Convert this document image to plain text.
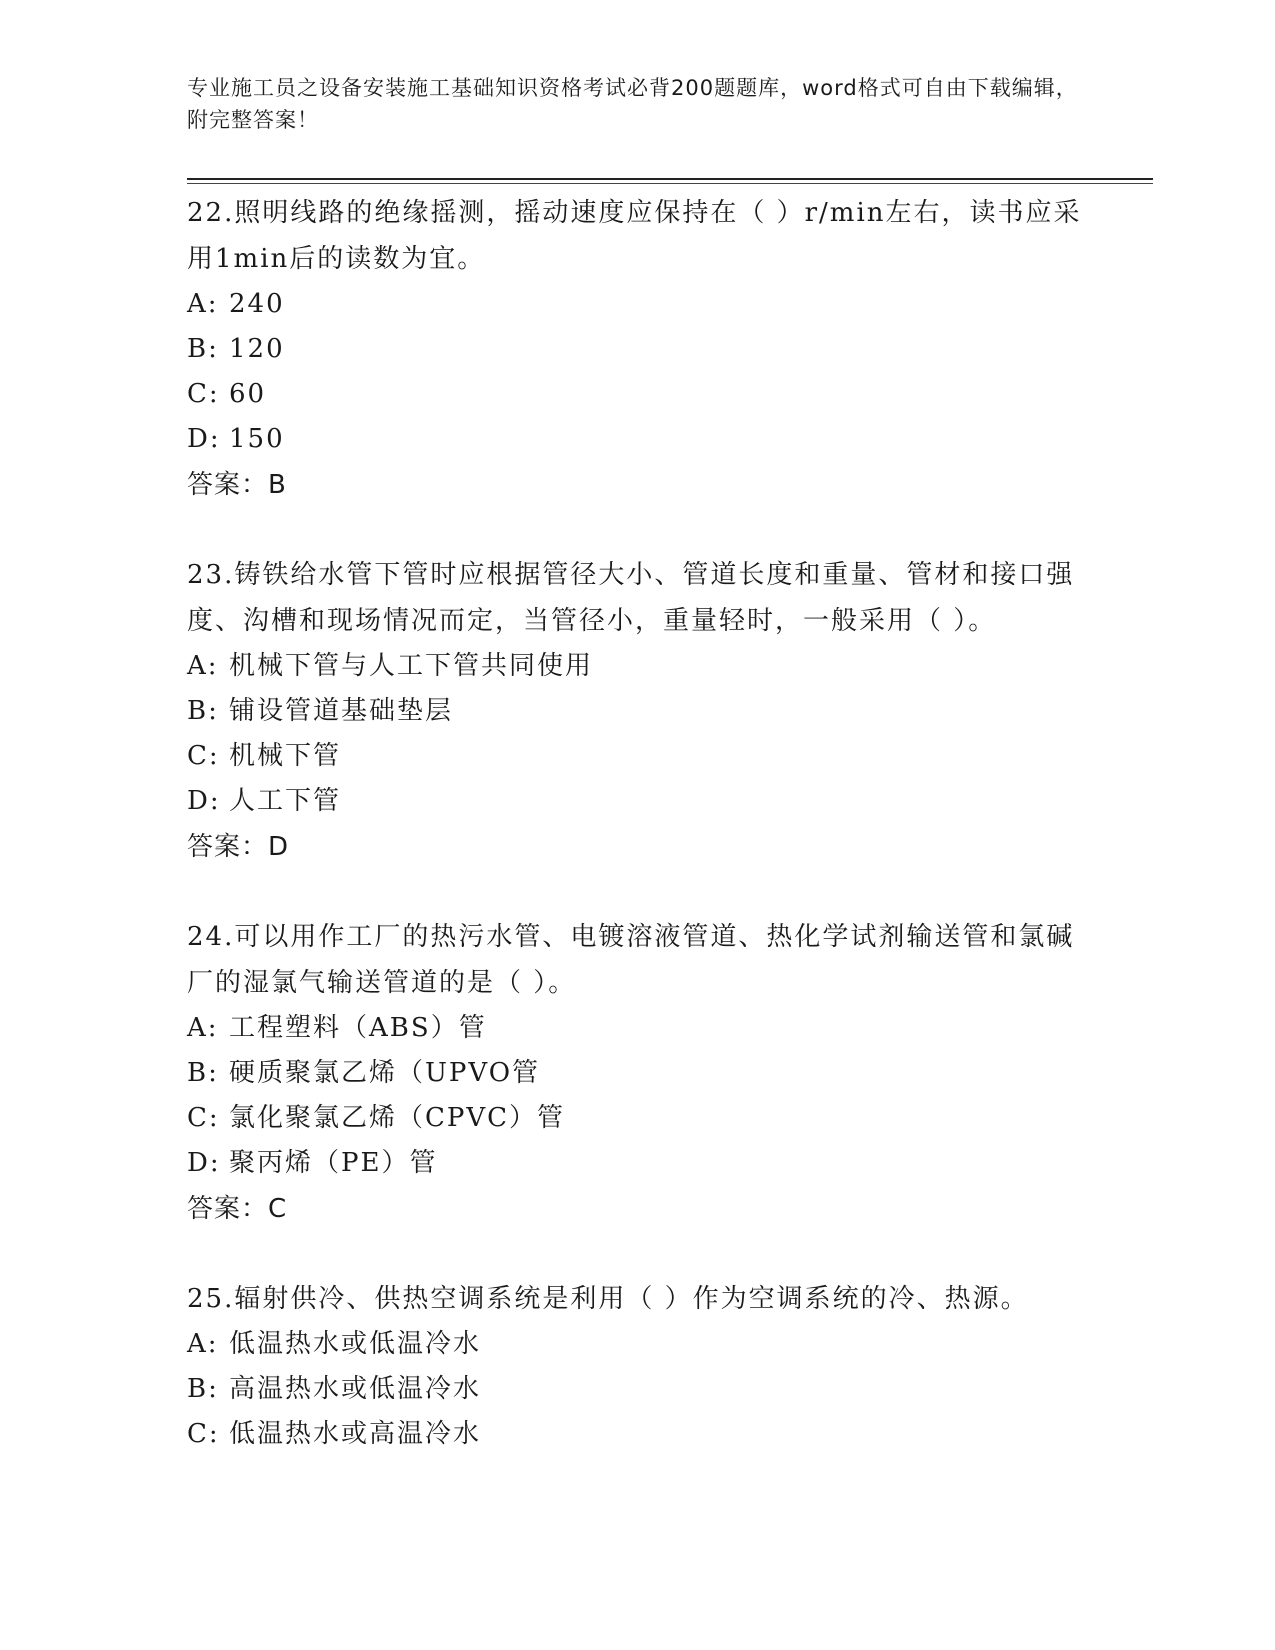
专业施工员之设备安装施工基础知识资格考试必背200题题库，word格式可自由下载编辑，附完整答案！

22.照明线路的绝缘摇测，摇动速度应保持在（ ）r/min左右，读书应采用1min后的读数为宜。

A: 240
B: 120
C: 60
D: 150
答案：B

23.铸铁给水管下管时应根据管径大小、管道长度和重量、管材和接口强度、沟槽和现场情况而定，当管径小，重量轻时，一般采用（ ）。

A: 机械下管与人工下管共同使用
B: 铺设管道基础垫层
C: 机械下管
D: 人工下管
答案：D

24.可以用作工厂的热污水管、电镀溶液管道、热化学试剂输送管和氯碱厂的湿氯气输送管道的是（ ）。

A: 工程塑料（ABS）管
B: 硬质聚氯乙烯（UPVO管
C: 氯化聚氯乙烯（CPVC）管
D: 聚丙烯（PE）管
答案：C

25.辐射供冷、供热空调系统是利用（ ）作为空调系统的冷、热源。

A: 低温热水或低温冷水
B: 高温热水或低温冷水
C: 低温热水或高温冷水
